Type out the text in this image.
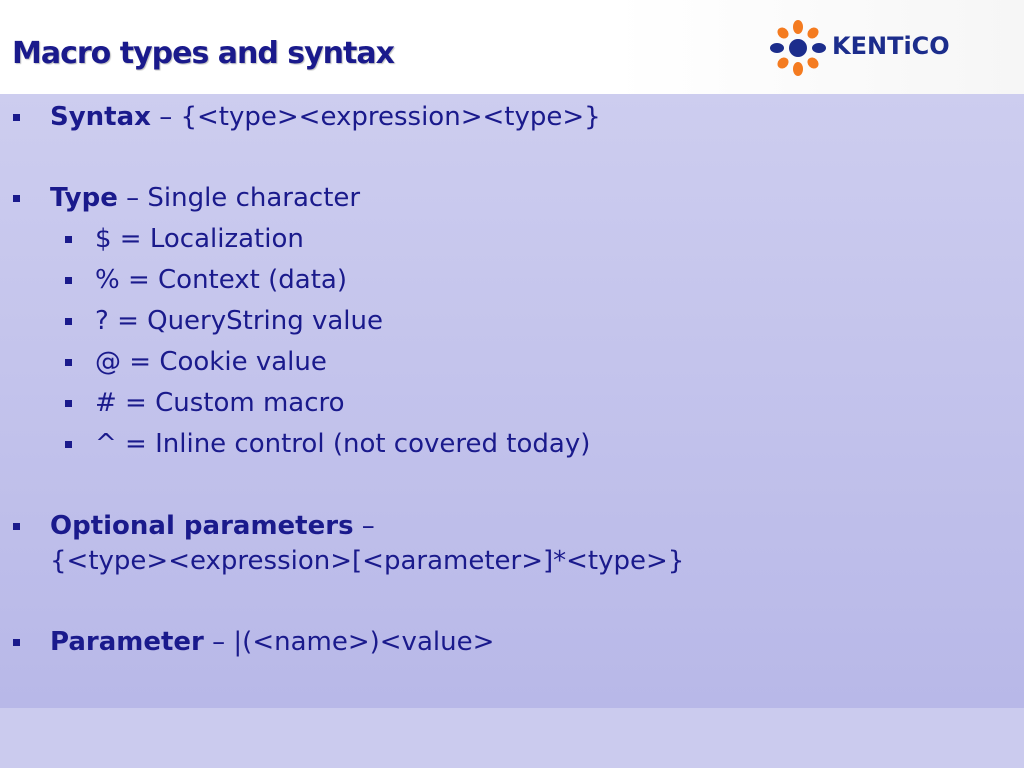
Macro types and syntax	KENTiCO
Syntax – {<type><expression><type>}
Type – Single character
$ = Localization
% = Context (data)
? = QueryString value
@ = Cookie value
# = Custom macro
^ = Inline control (not covered today)
Optional parameters –
{<type><expression>[<parameter>]*<type>}
Parameter – |(<name>)<value>
